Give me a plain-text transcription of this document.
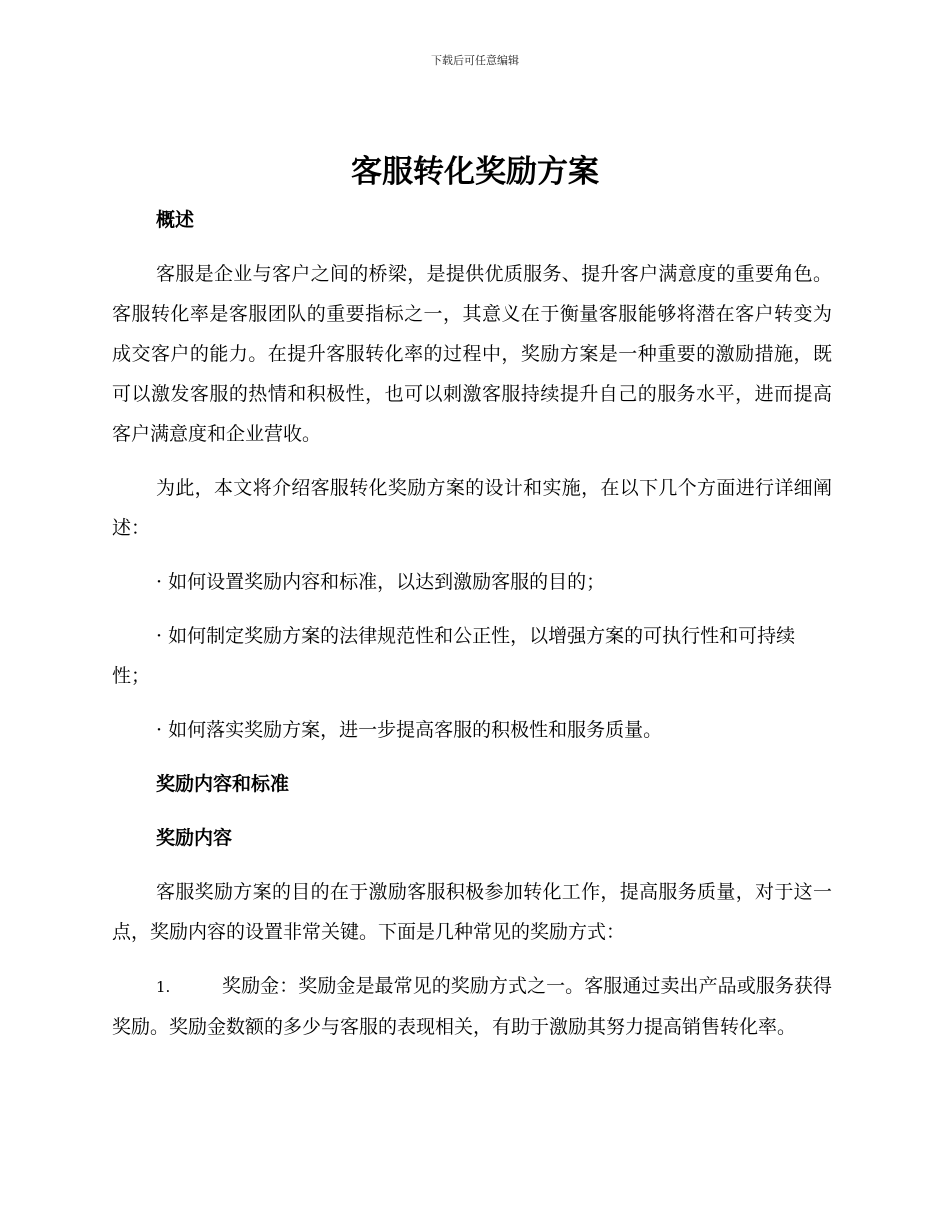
下载后可任意编辑
客服转化奖励方案

概述

客服是企业与客户之间的桥梁，是提供优质服务、提升客户满意度的重要角色。客服转化率是客服团队的重要指标之一，其意义在于衡量客服能够将潜在客户转变为成交客户的能力。在提升客服转化率的过程中，奖励方案是一种重要的激励措施，既可以激发客服的热情和积极性，也可以刺激客服持续提升自己的服务水平，进而提高客户满意度和企业营收。

为此，本文将介绍客服转化奖励方案的设计和实施，在以下几个方面进行详细阐述：

· 如何设置奖励内容和标准，以达到激励客服的目的；

· 如何制定奖励方案的法律规范性和公正性，以增强方案的可执行性和可持续性；

· 如何落实奖励方案，进一步提高客服的积极性和服务质量。

奖励内容和标准

奖励内容

客服奖励方案的目的在于激励客服积极参加转化工作，提高服务质量，对于这一点，奖励内容的设置非常关键。下面是几种常见的奖励方式：

1.	奖励金：奖励金是最常见的奖励方式之一。客服通过卖出产品或服务获得奖励。奖励金数额的多少与客服的表现相关，有助于激励其努力提高销售转化率。
